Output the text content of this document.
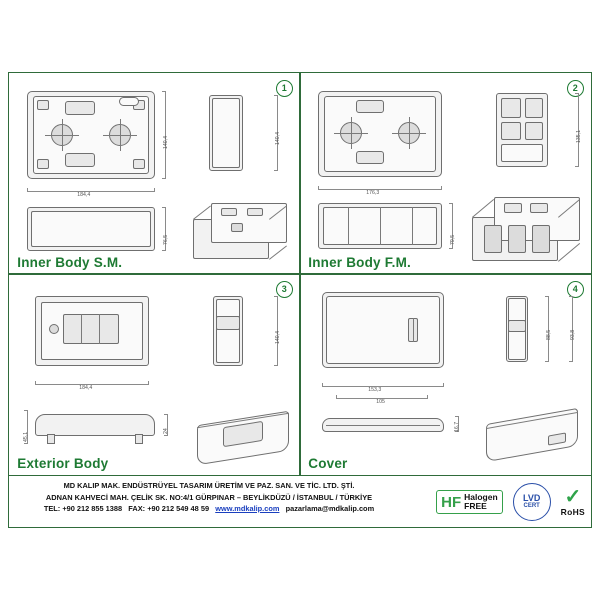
1
184,4
140,4	140,4
76,5
Inner Body S.M.
2
176,3
135,1
79,5
Inner Body F.M.
3
184,4
140,4
45,1
24
Exterior Body
4
153,3
105
88,5	93,8
16,7
Cover
MD KALIP MAK. ENDÜSTRÜYEL TASARIM ÜRETİM VE PAZ. SAN. VE TİC. LTD. ŞTİ.
ADNAN KAHVECİ MAH. ÇELİK SK. NO:4/1 GÜRPINAR – BEYLİKDÜZÜ / İSTANBUL / TÜRKİYE
TEL: +90 212 855 1388 FAX: +90 212 549 48 59 www.mdkalip.com pazarlama@mdkalip.com	HF Halogen
FREE
LVD
CERT ✓
RoHS
